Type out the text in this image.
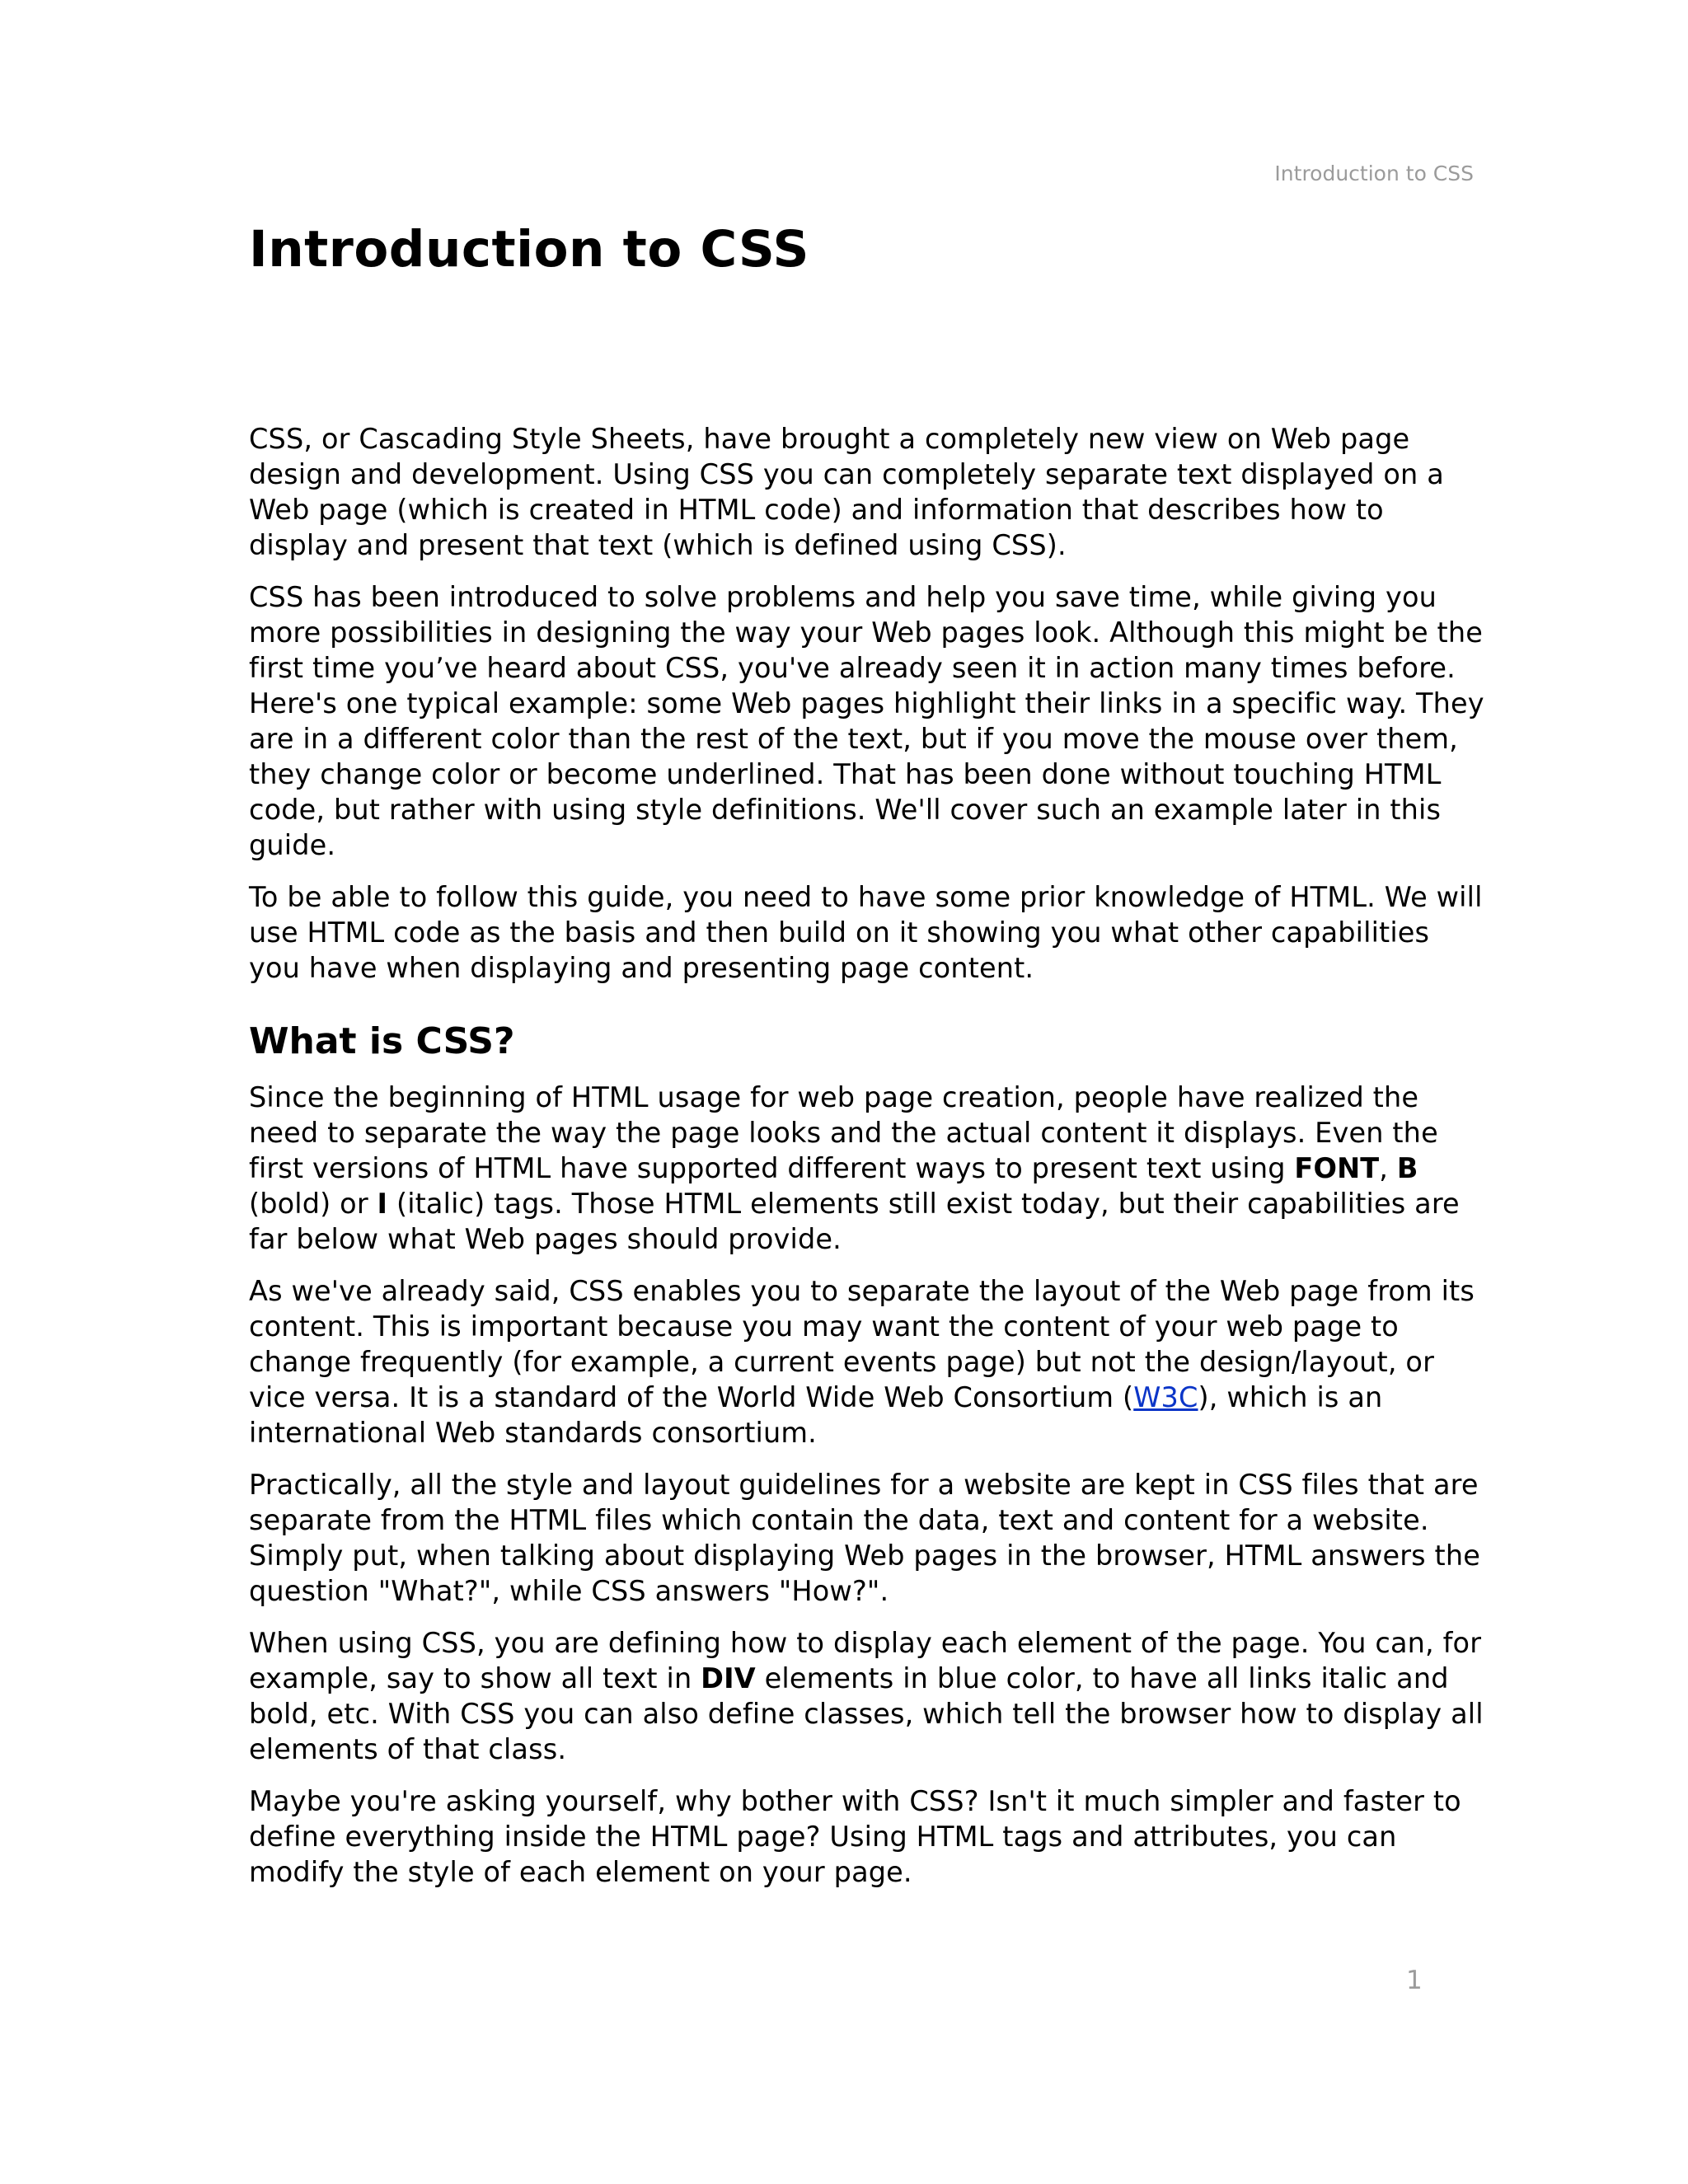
Introduction to CSS
Introduction to CSS

CSS, or Cascading Style Sheets, have brought a completely new view on Web page design and development. Using CSS you can completely separate text displayed on a Web page (which is created in HTML code) and information that describes how to display and present that text (which is defined using CSS).

CSS has been introduced to solve problems and help you save time, while giving you more possibilities in designing the way your Web pages look. Although this might be the first time you’ve heard about CSS, you've already seen it in action many times before. Here's one typical example: some Web pages highlight their links in a specific way. They are in a different color than the rest of the text, but if you move the mouse over them, they change color or become underlined. That has been done without touching HTML code, but rather with using style definitions. We'll cover such an example later in this guide.

To be able to follow this guide, you need to have some prior knowledge of HTML. We will use HTML code as the basis and then build on it showing you what other capabilities you have when displaying and presenting page content.

What is CSS?

Since the beginning of HTML usage for web page creation, people have realized the need to separate the way the page looks and the actual content it displays. Even the first versions of HTML have supported different ways to present text using FONT, B (bold) or I (italic) tags. Those HTML elements still exist today, but their capabilities are far below what Web pages should provide.

As we've already said, CSS enables you to separate the layout of the Web page from its content. This is important because you may want the content of your web page to change frequently (for example, a current events page) but not the design/layout, or vice versa. It is a standard of the World Wide Web Consortium (W3C), which is an international Web standards consortium.

Practically, all the style and layout guidelines for a website are kept in CSS files that are separate from the HTML files which contain the data, text and content for a website. Simply put, when talking about displaying Web pages in the browser, HTML answers the question "What?", while CSS answers "How?".

When using CSS, you are defining how to display each element of the page. You can, for example, say to show all text in DIV elements in blue color, to have all links italic and bold, etc. With CSS you can also define classes, which tell the browser how to display all elements of that class.

Maybe you're asking yourself, why bother with CSS? Isn't it much simpler and faster to define everything inside the HTML page? Using HTML tags and attributes, you can modify the style of each element on your page.

1
